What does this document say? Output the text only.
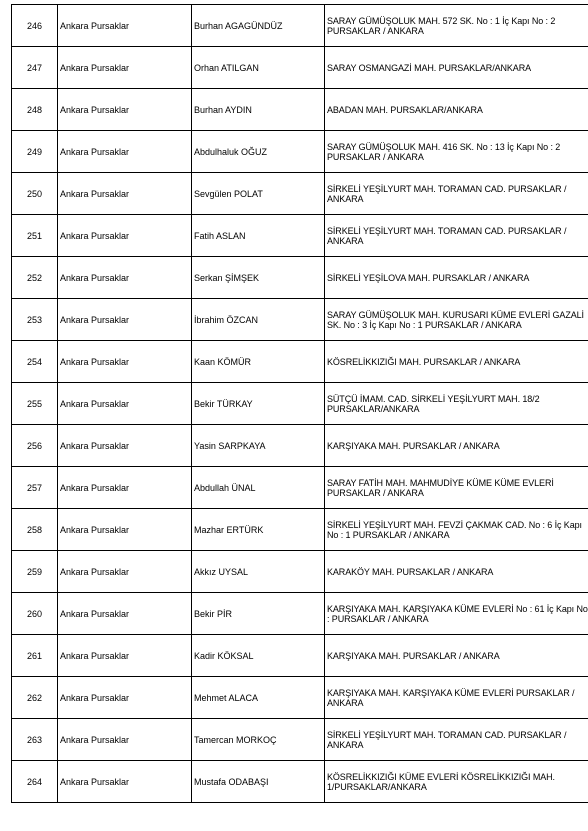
246	Ankara Pursaklar	Burhan AGAGÜNDÜZ	SARAY GÜMÜŞOLUK MAH. 572 SK. No : 1 İç Kapı No : 2 PURSAKLAR / ANKARA
247	Ankara Pursaklar	Orhan ATILGAN	SARAY OSMANGAZİ MAH. PURSAKLAR/ANKARA
248	Ankara Pursaklar	Burhan AYDIN	ABADAN MAH. PURSAKLAR/ANKARA
249	Ankara Pursaklar	Abdulhaluk OĞUZ	SARAY GÜMÜŞOLUK MAH. 416 SK. No : 13 İç Kapı No : 2 PURSAKLAR / ANKARA
250	Ankara Pursaklar	Sevgülen POLAT	SİRKELİ YEŞİLYURT MAH. TORAMAN CAD. PURSAKLAR / ANKARA
251	Ankara Pursaklar	Fatih ASLAN	SİRKELİ YEŞİLYURT MAH. TORAMAN CAD. PURSAKLAR / ANKARA
252	Ankara Pursaklar	Serkan ŞİMŞEK	SİRKELİ YEŞİLOVA MAH. PURSAKLAR / ANKARA
253	Ankara Pursaklar	İbrahim ÖZCAN	SARAY GÜMÜŞOLUK MAH. KURUSARI KÜME EVLERİ GAZALİ SK. No : 3 İç Kapı No : 1 PURSAKLAR / ANKARA
254	Ankara Pursaklar	Kaan KÖMÜR	KÖSRELİKKIZIĞI MAH. PURSAKLAR / ANKARA
255	Ankara Pursaklar	Bekir TÜRKAY	SÜTÇÜ İMAM. CAD. SİRKELİ YEŞİLYURT MAH. 18/2 PURSAKLAR/ANKARA
256	Ankara Pursaklar	Yasin SARPKAYA	KARŞIYAKA MAH. PURSAKLAR / ANKARA
257	Ankara Pursaklar	Abdullah ÜNAL	SARAY FATİH MAH. MAHMUDİYE KÜME KÜME EVLERİ PURSAKLAR / ANKARA
258	Ankara Pursaklar	Mazhar ERTÜRK	SİRKELİ YEŞİLYURT MAH. FEVZİ ÇAKMAK CAD. No : 6 İç Kapı No : 1 PURSAKLAR / ANKARA
259	Ankara Pursaklar	Akkız UYSAL	KARAKÖY MAH. PURSAKLAR / ANKARA
260	Ankara Pursaklar	Bekir PİR	KARŞIYAKA MAH. KARŞIYAKA KÜME EVLERİ No : 61 İç Kapı No : PURSAKLAR / ANKARA
261	Ankara Pursaklar	Kadir KÖKSAL	KARŞIYAKA MAH. PURSAKLAR / ANKARA
262	Ankara Pursaklar	Mehmet ALACA	KARŞIYAKA MAH. KARŞIYAKA KÜME EVLERİ PURSAKLAR / ANKARA
263	Ankara Pursaklar	Tamercan MORKOÇ	SİRKELİ YEŞİLYURT MAH. TORAMAN CAD. PURSAKLAR / ANKARA
264	Ankara Pursaklar	Mustafa ODABAŞI	KÖSRELİKKIZIĞI KÜME EVLERİ KÖSRELİKKIZIĞI MAH. 1/PURSAKLAR/ANKARA
